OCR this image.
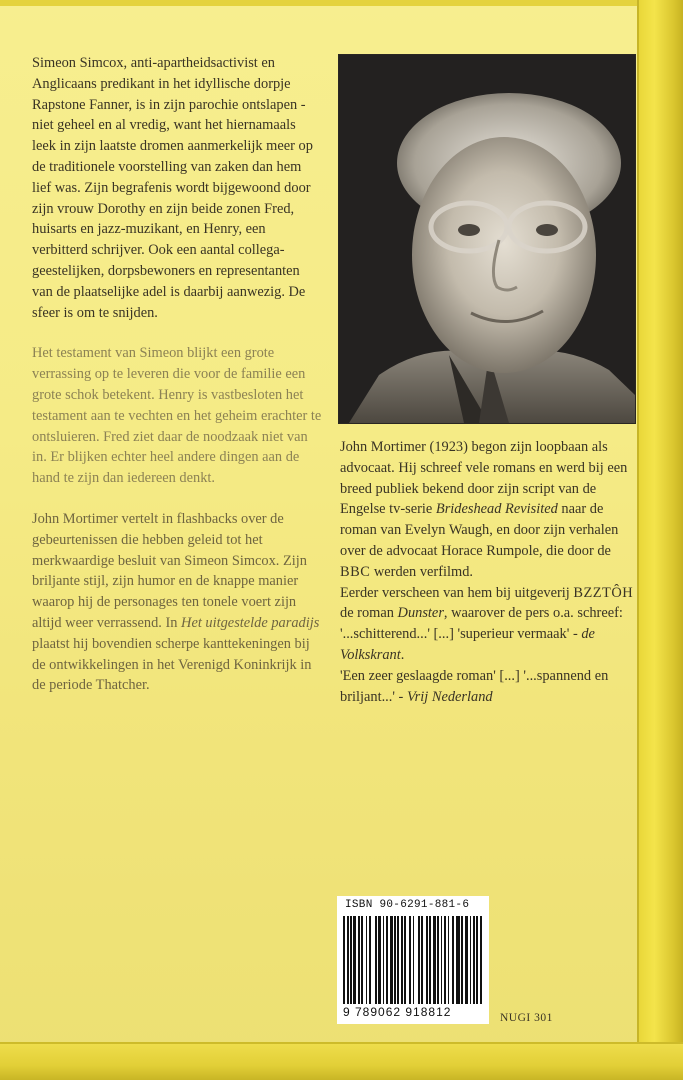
Simeon Simcox, anti-apartheidsactivist en Anglicaans predikant in het idyllische dorpje Rapstone Fanner, is in zijn parochie ontslapen - niet geheel en al vredig, want het hiernamaals leek in zijn laatste dromen aanmerkelijk meer op de traditionele voorstelling van zaken dan hem lief was. Zijn begrafenis wordt bijgewoond door zijn vrouw Dorothy en zijn beide zonen Fred, huisarts en jazz-muzikant, en Henry, een verbitterd schrijver. Ook een aantal collega-geestelijken, dorpsbewoners en representanten van de plaatselijke adel is daarbij aanwezig. De sfeer is om te snijden.

Het testament van Simeon blijkt een grote verrassing op te leveren die voor de familie een grote schok betekent. Henry is vastbesloten het testament aan te vechten en het geheim erachter te ontsluieren. Fred ziet daar de noodzaak niet van in. Er blijken echter heel andere dingen aan de hand te zijn dan iedereen denkt.

John Mortimer vertelt in flashbacks over de gebeurtenissen die hebben geleid tot het merkwaardige besluit van Simeon Simcox. Zijn briljante stijl, zijn humor en de knappe manier waarop hij de personages ten tonele voert zijn altijd weer verrassend. In Het uitgestelde paradijs plaatst hij bovendien scherpe kanttekeningen bij de ontwikkelingen in het Verenigd Koninkrijk in de periode Thatcher.

John Mortimer (1923) begon zijn loopbaan als advocaat. Hij schreef vele romans en werd bij een breed publiek bekend door zijn script van de Engelse tv-serie Brideshead Revisited naar de roman van Evelyn Waugh, en door zijn verhalen over de advocaat Horace Rumpole, die door de BBC werden verfilmd.

Eerder verscheen van hem bij uitgeverij BZZTÔH de roman Dunster, waarover de pers o.a. schreef:

'...schitterend...' [...] 'superieur vermaak' - de Volkskrant.

'Een zeer geslaagde roman' [...] '...spannend en briljant...' - Vrij Nederland

ISBN 90-6291-881-6
9 789062 918812	NUGI 301
